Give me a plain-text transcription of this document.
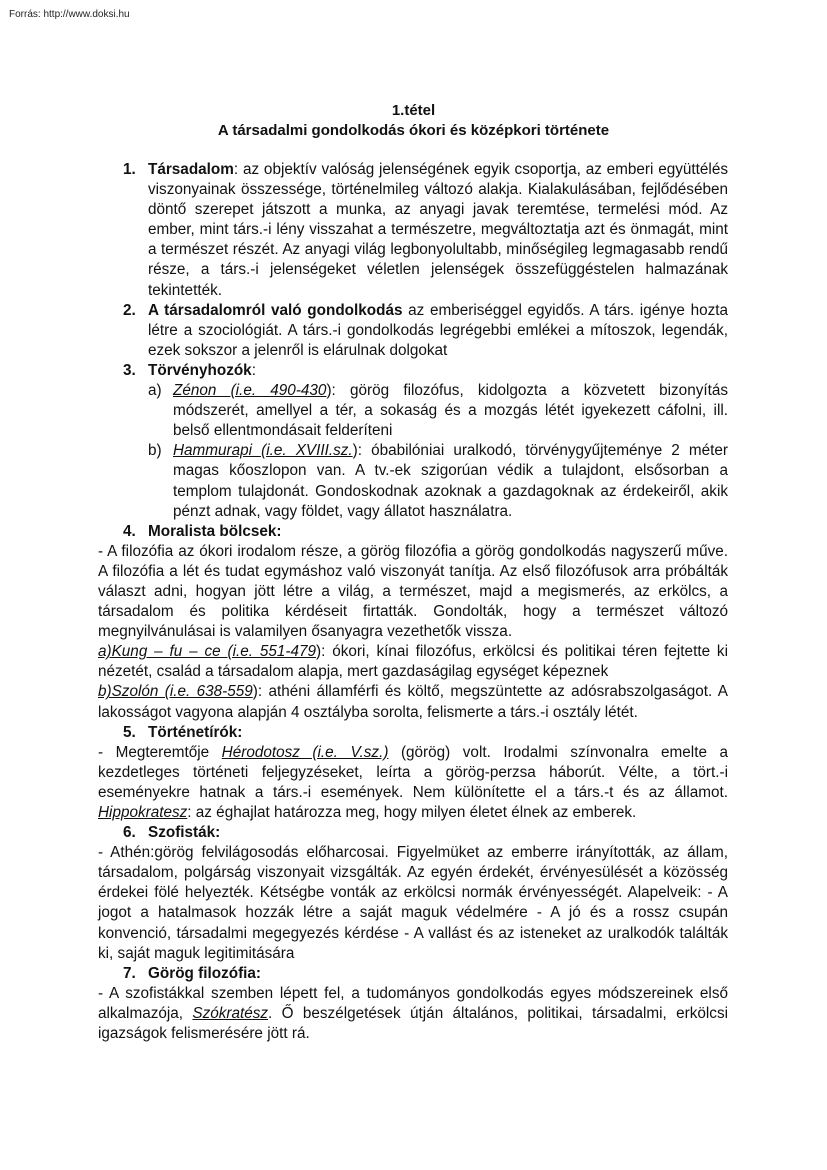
Forrás: http://www.doksi.hu
1.tétel
A társadalmi gondolkodás ókori és középkori története
1. Társadalom: az objektív valóság jelenségének egyik csoportja, az emberi együttélés viszonyainak összessége, történelmileg változó alakja. Kialakulásában, fejlődésében döntő szerepet játszott a munka, az anyagi javak teremtése, termelési mód. Az ember, mint társ.-i lény visszahat a természetre, megváltoztatja azt és önmagát, mint a természet részét. Az anyagi világ legbonyolultabb, minőségileg legmagasabb rendű része, a társ.-i jelenségeket véletlen jelenségek összefüggéstelen halmazának tekintették.
2. A társadalomról való gondolkodás az emberiséggel egyidős. A társ. igénye hozta létre a szociológiát. A társ.-i gondolkodás legrégebbi emlékei a mítoszok, legendák, ezek sokszor a jelenről is elárulnak dolgokat
3. Törvényhozók:
a) Zénon (i.e. 490-430): görög filozófus, kidolgozta a közvetett bizonyítás módszerét, amellyel a tér, a sokaság és a mozgás létét igyekezett cáfolni, ill. belső ellentmondásait felderíteni
b) Hammurapi (i.e. XVIII.sz.): óbabilóniai uralkodó, törvénygyűjteménye 2 méter magas kőoszlopon van. A tv.-ek szigorúan védik a tulajdont, elsősorban a templom tulajdonát. Gondoskodnak azoknak a gazdagoknak az érdekeiről, akik pénzt adnak, vagy földet, vagy állatot használatra.
4. Moralista bölcsek:
- A filozófia az ókori irodalom része, a görög filozófia a görög gondolkodás nagyszerű műve. A filozófia a lét és tudat egymáshoz való viszonyát tanítja. Az első filozófusok arra próbálták választ adni, hogyan jött létre a világ, a természet, majd a megismerés, az erkölcs, a társadalom és politika kérdéseit firtatták. Gondolták, hogy a természet változó megnyilvánulásai is valamilyen ősanyagra vezethetők vissza.
a)Kung – fu – ce (i.e. 551-479): ókori, kínai filozófus, erkölcsi és politikai téren fejtette ki nézetét, család a társadalom alapja, mert gazdaságilag egységet képeznek
b)Szolón (i.e. 638-559): athéni államférfi és költő, megszüntette az adósrabszolgaságot. A lakosságot vagyona alapján 4 osztályba sorolta, felismerte a társ.-i osztály létét.
5. Történetírók:
- Megteremtője Hérodotosz (i.e. V.sz.) (görög) volt. Irodalmi színvonalra emelte a kezdetleges történeti feljegyzéseket, leírta a görög-perzsa háborút. Vélte, a tört.-i eseményekre hatnak a társ.-i események. Nem különítette el a társ.-t és az államot. Hippokratesz: az éghajlat határozza meg, hogy milyen életet élnek az emberek.
6. Szofisták:
- Athén:görög felvilágosodás előharcosai. Figyelmüket az emberre irányították, az állam, társadalom, polgárság viszonyait vizsgálták. Az egyén érdekét, érvényesülését a közösség érdekei fölé helyezték. Kétségbe vonták az erkölcsi normák érvényességét. Alapelveik: - A jogot a hatalmasok hozzák létre a saját maguk védelmére - A jó és a rossz csupán konvenció, társadalmi megegyezés kérdése - A vallást és az isteneket az uralkodók találták ki, saját maguk legitimitására
7. Görög filozófia:
- A szofistákkal szemben lépett fel, a tudományos gondolkodás egyes módszereinek első alkalmazója, Szókratész. Ő beszélgetések útján általános, politikai, társadalmi, erkölcsi igazságok felismerésére jött rá.
